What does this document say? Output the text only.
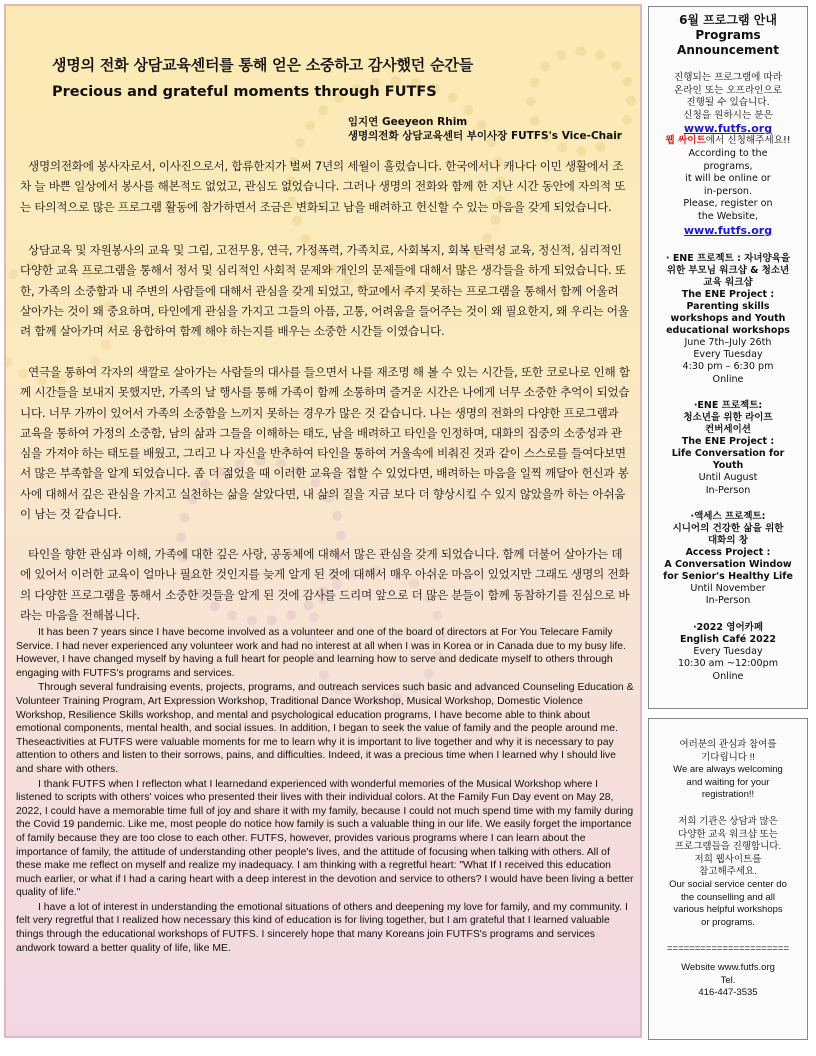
생명의 전화 상담교육센터를 통해 얻은 소중하고 감사했던 순간들
Precious and grateful moments through FUTFS
임지연 Geeyeon Rhim
생명의전화 상담교육센터 부이사장 FUTFS's Vice-Chair

생명의전화에 봉사자로서, 이사진으로서, 합류한지가 벌써 7년의 세월이 흘렀습니다. 한국에서나 캐나다 이민 생활에서 조차 늘 바쁜 일상에서 봉사를 해본적도 없었고, 관심도 없었습니다. 그러나 생명의 전화와 함께 한 지난 시간 동안에 자의적 또는 타의적으로 많은 프로그램 활동에 참가하면서 조금은 변화되고 남을 배려하고 헌신할 수 있는 마음을 갖게 되었습니다.

상담교육 및 자원봉사의 교육 및 그림, 고전무용, 연극, 가정폭력, 가족치료, 사회복지, 회복 탄력성 교육, 정신적, 심리적인 다양한 교육 프로그램을 통해서 정서 및 심리적인 사회적 문제와 개인의 문제들에 대해서 많은 생각들을 하게 되었습니다. 또한, 가족의 소중함과 내 주변의 사람들에 대해서 관심을 갖게 되었고, 학교에서 주지 못하는 프로그램을 통해서 함께 어울려 살아가는 것이 왜 중요하며, 타인에게 관심을 가지고 그들의 아픔, 고통, 어려움을 들어주는 것이 왜 필요한지, 왜 우리는 어울려 함께 살아가며 서로 융합하여 함께 해야 하는지를 배우는 소중한 시간들 이였습니다.

연극을 통하여 각자의 색깔로 살아가는 사람들의 대사를 들으면서 나를 재조명 해 볼 수 있는 시간들, 또한 코로나로 인해 함께 시간들을 보내지 못했지만, 가족의 날 행사를 통해 가족이 함께 소통하며 즐거운 시간은 나에게 너무 소중한 추억이 되었습니다. 너무 가까이 있어서 가족의 소중함을 느끼지 못하는 경우가 많은 것 같습니다. 나는 생명의 전화의 다양한 프로그램과 교육을 통하여 가정의 소중함, 남의 삶과 그들을 이해하는 태도, 남을 배려하고 타인을 인정하며, 대화의 집중의 소중성과 관심을 가져야 하는 태도를 배웠고, 그리고 나 자신을 반추하여 타인을 통하여 거울속에 비춰진 것과 같이 스스로를 들여다보면서 많은 부족함을 알게 되었습니다. 좀 더 젊었을 때 이러한 교육을 접할 수 있었다면, 배려하는 마음을 일찍 깨달아 헌신과 봉사에 대해서 깊은 관심을 가지고 실천하는 삶을 살았다면, 내 삶의 질을 지금 보다 더 향상시킬 수 있지 않았을까 하는 아쉬움이 남는 것 같습니다.

타인을 향한 관심과 이해, 가족에 대한 깊은 사랑, 공동체에 대해서 많은 관심을 갖게 되었습니다. 함께 더불어 살아가는 데에 있어서 이러한 교육이 얼마나 필요한 것인지를 늦게 알게 된 것에 대해서 매우 아쉬운 마음이 있었지만 그래도 생명의 전화의 다양한 프로그램을 통해서 소중한 것들을 알게 된 것에 감사를 드리며 앞으로 더 많은 분들이 함께 동참하기를 진심으로 바라는 마음을 전해봅니다.

It has been 7 years since I have become involved as a volunteer and one of the board of directors at For You Telecare Family Service. I had never experienced any volunteer work and had no interest at all when I was in Korea or in Canada due to my busy life. However, I have changed myself by having a full heart for people and learning how to serve and dedicate myself to others through engaging with FUTFS's programs and services.

Through several fundraising events, projects, programs, and outreach services such basic and advanced Counseling Education & Volunteer Training Program, Art Expression Workshop, Traditional Dance Workshop, Musical Workshop, Domestic Violence Workshop, Resilience Skills workshop, and mental and psychological education programs, I have become able to think about emotional components, mental health, and social issues. In addition, I began to seek the value of family and the people around me. Theseactivities at FUTFS were valuable moments for me to learn why it is important to live together and why it is necessary to pay attention to others and listen to their sorrows, pains, and difficulties. Indeed, it was a precious time when I learned why I should live and share with others.

I thank FUTFS when I reflecton what I learnedand experienced with wonderful memories of the Musical Workshop where I listened to scripts with others' voices who presented their lives with their individual colors. At the Family Fun Day event on May 28, 2022, I could have a memorable time full of joy and share it with my family, because I could not much spend time with my family during the Covid 19 pandemic. Like me, most people do notice how family is such a valuable thing in our life. We easily forget the importance of family because they are too close to each other. FUTFS, however, provides various programs where I can learn about the importance of family, the attitude of understanding other people's lives, and the attitude of focusing when talking with others. All of these make me reflect on myself and realize my inadequacy. I am thinking with a regretful heart: "What If I received this education much earlier, or what if I had a caring heart with a deep interest in the devotion and service to others? I would have been living a better quality of life."

I have a lot of interest in understanding the emotional situations of others and deepening my love for family, and my community. I felt very regretful that I realized how necessary this kind of education is for living together, but I am grateful that I learned valuable things through the educational workshops of FUTFS. I sincerely hope that many Koreans join FUTFS's programs and services andwork toward a better quality of life, like ME.

6월 프로그램 안내
Programs
Announcement
진행되는 프로그램에 따라
온라인 또는 오프라인으로
진행될 수 있습니다.
신청을 원하시는 분은
www.futfs.org
웹 싸이트에서 신청해주세요!!
According to the
programs,
it will be online or
in-person.
Please, register on
the Website,
www.futfs.org
· ENE 프로젝트 : 자녀양육을
위한 부모님 워크샵 & 청소년
교육 워크샵
The ENE Project :
Parenting skills
workshops and Youth
educational workshops
June 7th–July 26th
Every Tuesday
4:30 pm – 6:30 pm
Online
·ENE 프로젝트:
청소년을 위한 라이프
컨버세이션
The ENE Project :
Life Conversation for
Youth
Until August
In-Person
·액세스 프로젝트:
시니어의 건강한 삶을 위한
대화의 창
Access Project :
A Conversation Window
for Senior's Healthy Life
Until November
In-Person
·2022 영어카페
English Café 2022
Every Tuesday
10:30 am ~12:00pm
Online
여러분의 관심과 참여를
기다립니다 !!
We are always welcoming
and waiting for your
registration!!
저희 기관은 상담과 많은
다양한 교육 워크샵 또는
프로그램들을 진행합니다.
저희 웹사이트를
참고해주세요.
Our social service center do
the counselling and all
various helpful workshops
or programs.
======================
Website www.futfs.org
Tel.
416-447-3535
